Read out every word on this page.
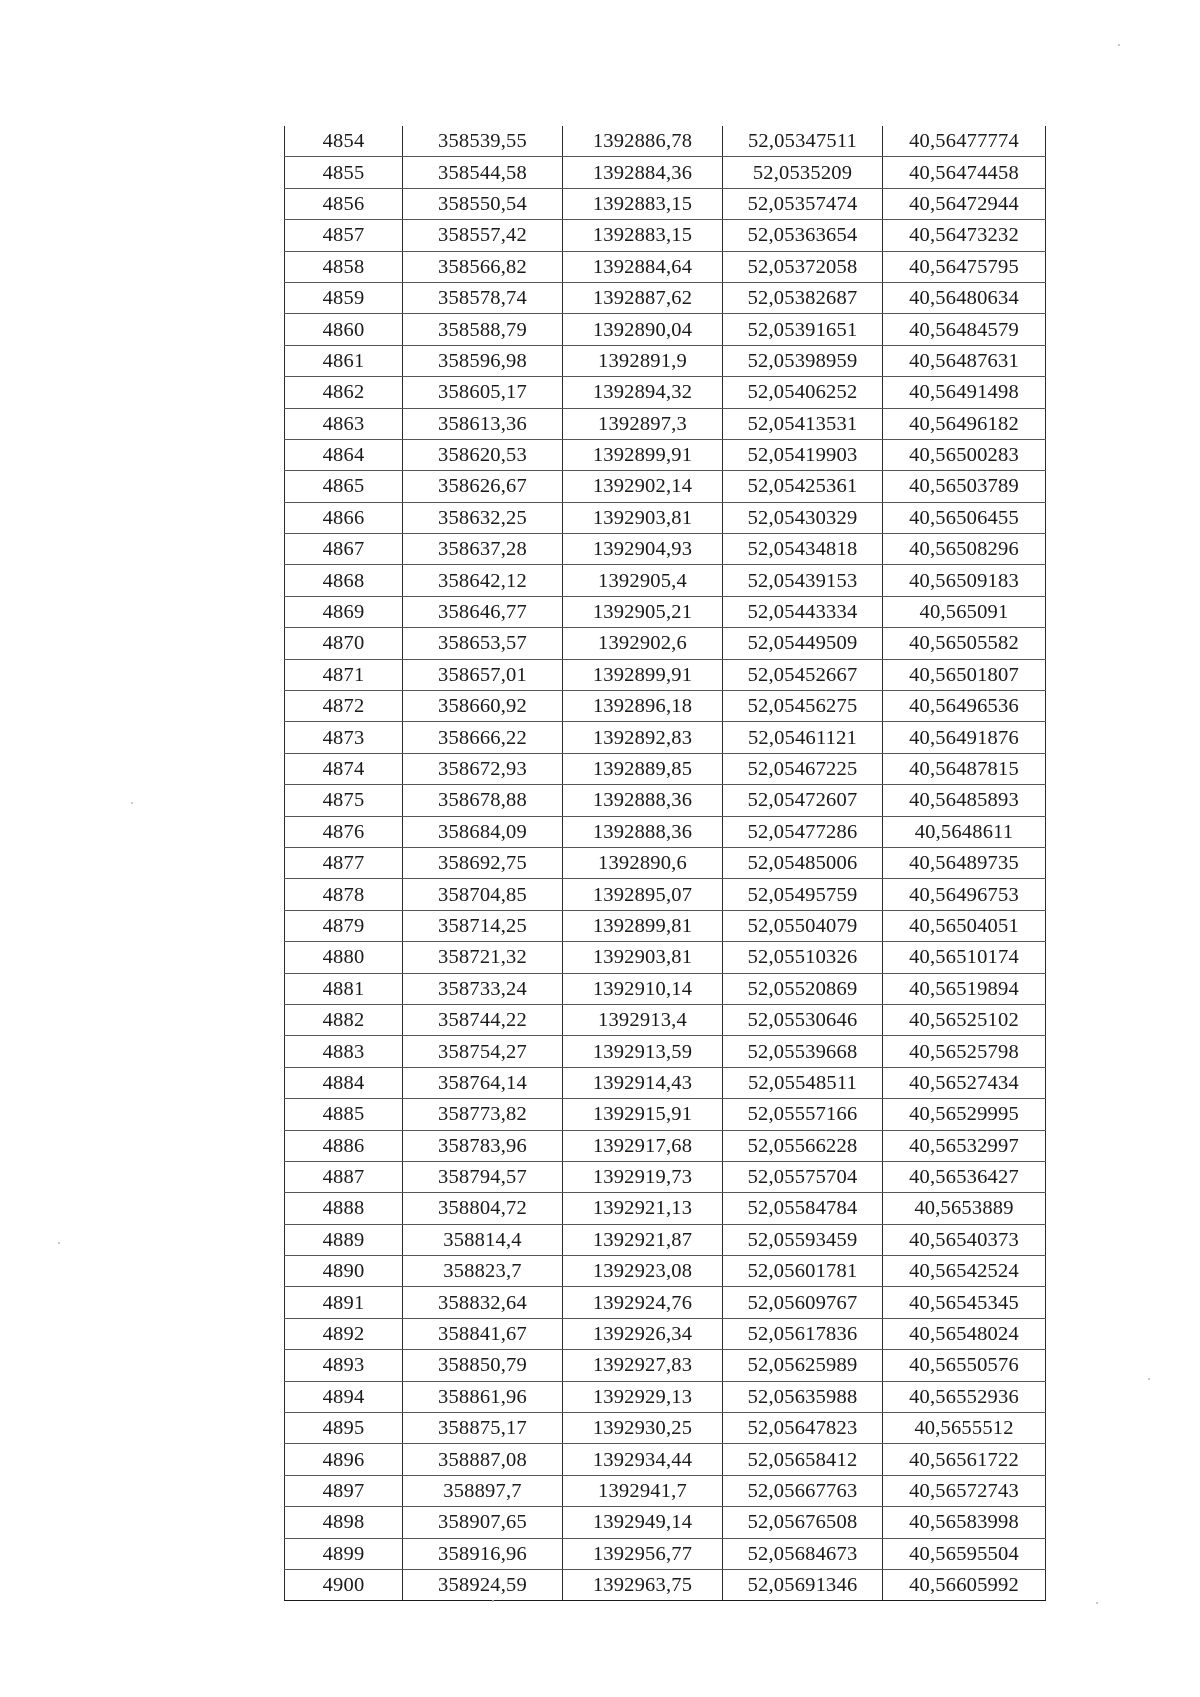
4854	358539,55	1392886,78	52,05347511	40,56477774
4855	358544,58	1392884,36	52,0535209	40,56474458
4856	358550,54	1392883,15	52,05357474	40,56472944
4857	358557,42	1392883,15	52,05363654	40,56473232
4858	358566,82	1392884,64	52,05372058	40,56475795
4859	358578,74	1392887,62	52,05382687	40,56480634
4860	358588,79	1392890,04	52,05391651	40,56484579
4861	358596,98	1392891,9	52,05398959	40,56487631
4862	358605,17	1392894,32	52,05406252	40,56491498
4863	358613,36	1392897,3	52,05413531	40,56496182
4864	358620,53	1392899,91	52,05419903	40,56500283
4865	358626,67	1392902,14	52,05425361	40,56503789
4866	358632,25	1392903,81	52,05430329	40,56506455
4867	358637,28	1392904,93	52,05434818	40,56508296
4868	358642,12	1392905,4	52,05439153	40,56509183
4869	358646,77	1392905,21	52,05443334	40,565091
4870	358653,57	1392902,6	52,05449509	40,56505582
4871	358657,01	1392899,91	52,05452667	40,56501807
4872	358660,92	1392896,18	52,05456275	40,56496536
4873	358666,22	1392892,83	52,05461121	40,56491876
4874	358672,93	1392889,85	52,05467225	40,56487815
4875	358678,88	1392888,36	52,05472607	40,56485893
4876	358684,09	1392888,36	52,05477286	40,5648611
4877	358692,75	1392890,6	52,05485006	40,56489735
4878	358704,85	1392895,07	52,05495759	40,56496753
4879	358714,25	1392899,81	52,05504079	40,56504051
4880	358721,32	1392903,81	52,05510326	40,56510174
4881	358733,24	1392910,14	52,05520869	40,56519894
4882	358744,22	1392913,4	52,05530646	40,56525102
4883	358754,27	1392913,59	52,05539668	40,56525798
4884	358764,14	1392914,43	52,05548511	40,56527434
4885	358773,82	1392915,91	52,05557166	40,56529995
4886	358783,96	1392917,68	52,05566228	40,56532997
4887	358794,57	1392919,73	52,05575704	40,56536427
4888	358804,72	1392921,13	52,05584784	40,5653889
4889	358814,4	1392921,87	52,05593459	40,56540373
4890	358823,7	1392923,08	52,05601781	40,56542524
4891	358832,64	1392924,76	52,05609767	40,56545345
4892	358841,67	1392926,34	52,05617836	40,56548024
4893	358850,79	1392927,83	52,05625989	40,56550576
4894	358861,96	1392929,13	52,05635988	40,56552936
4895	358875,17	1392930,25	52,05647823	40,5655512
4896	358887,08	1392934,44	52,05658412	40,56561722
4897	358897,7	1392941,7	52,05667763	40,56572743
4898	358907,65	1392949,14	52,05676508	40,56583998
4899	358916,96	1392956,77	52,05684673	40,56595504
4900	358924,59	1392963,75	52,05691346	40,56605992
